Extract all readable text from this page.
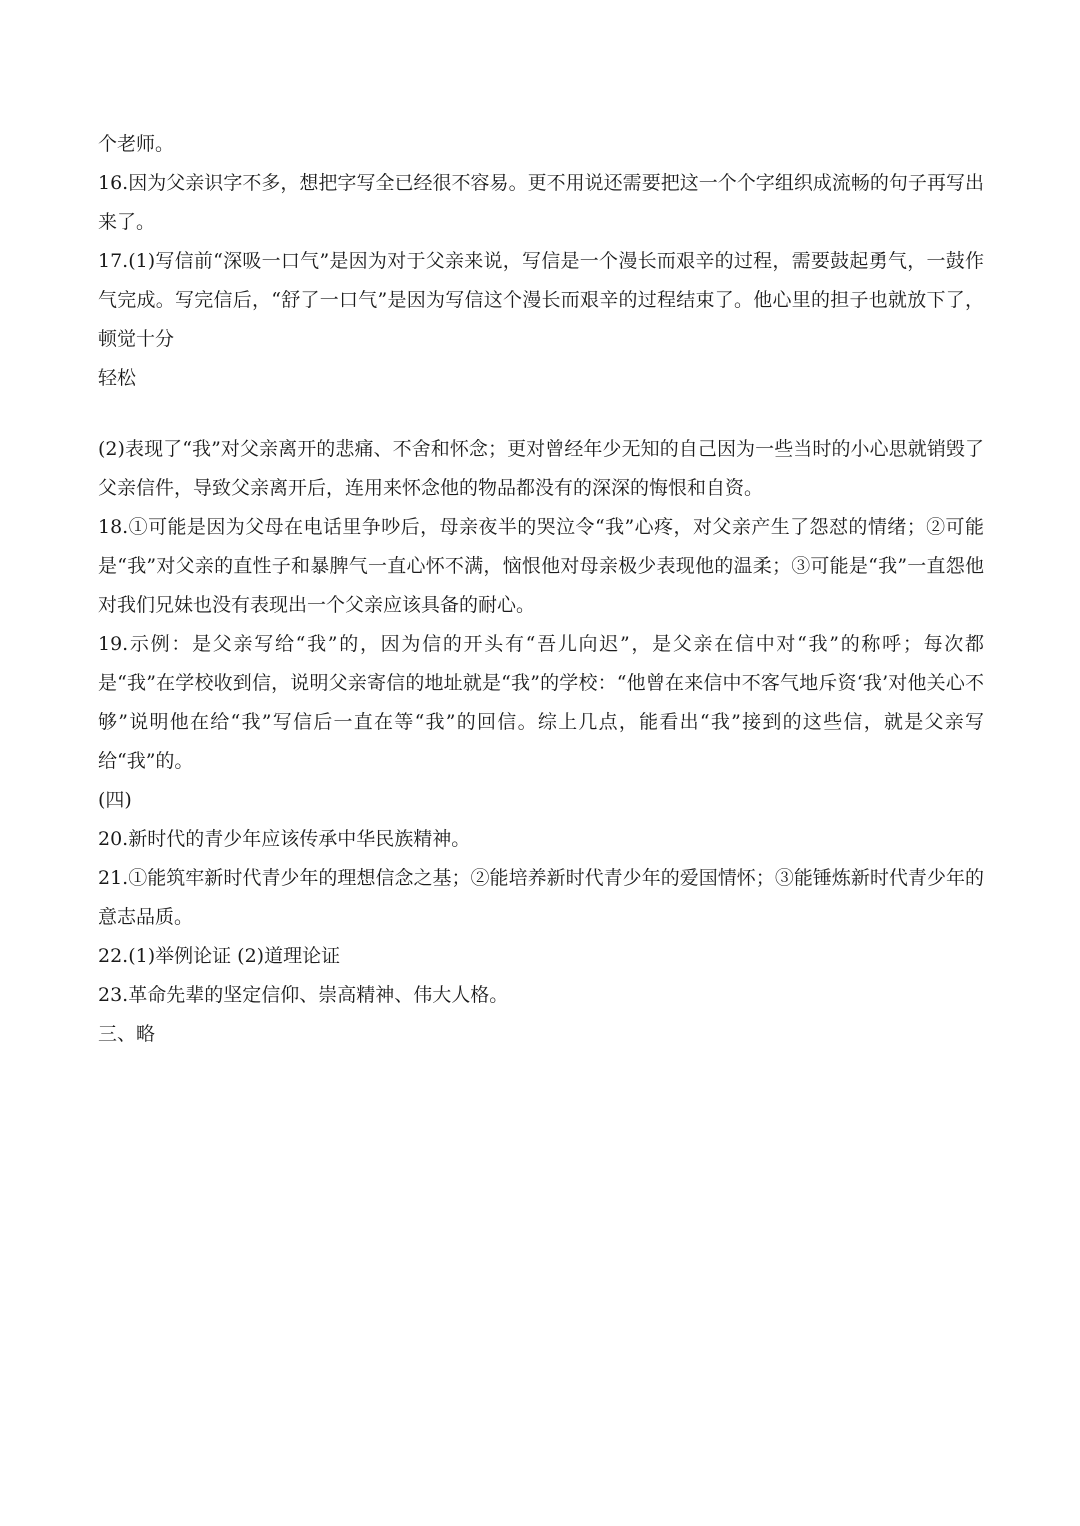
个老师。

16.因为父亲识字不多，想把字写全已经很不容易。更不用说还需要把这一个个字组织成流畅的句子再写出来了。

17.(1)写信前“深吸一口气”是因为对于父亲来说，写信是一个漫长而艰辛的过程，需要鼓起勇气，一鼓作气完成。写完信后，“舒了一口气”是因为写信这个漫长而艰辛的过程结束了。他心里的担子也就放下了，顿觉十分

轻松

(2)表现了“我”对父亲离开的悲痛、不舍和怀念；更对曾经年少无知的自己因为一些当时的小心思就销毁了父亲信件，导致父亲离开后，连用来怀念他的物品都没有的深深的悔恨和自资。

18.①可能是因为父母在电话里争吵后，母亲夜半的哭泣令“我”心疼，对父亲产生了怨怼的情绪；②可能是“我”对父亲的直性子和暴脾气一直心怀不满，恼恨他对母亲极少表现他的温柔；③可能是“我”一直怨他对我们兄妹也没有表现出一个父亲应该具备的耐心。

19.示例：是父亲写给“我”的，因为信的开头有“吾儿向迟”，是父亲在信中对“我”的称呼；每次都是“我”在学校收到信，说明父亲寄信的地址就是“我”的学校：“他曾在来信中不客气地斥资‘我’对他关心不够”说明他在给“我”写信后一直在等“我”的回信。综上几点，能看出“我”接到的这些信，就是父亲写给“我”的。

(四)

20.新时代的青少年应该传承中华民族精神。

21.①能筑牢新时代青少年的理想信念之基；②能培养新时代青少年的爱国情怀；③能锤炼新时代青少年的意志品质。

22.(1)举例论证 (2)道理论证

23.革命先辈的坚定信仰、崇高精神、伟大人格。

三、略
